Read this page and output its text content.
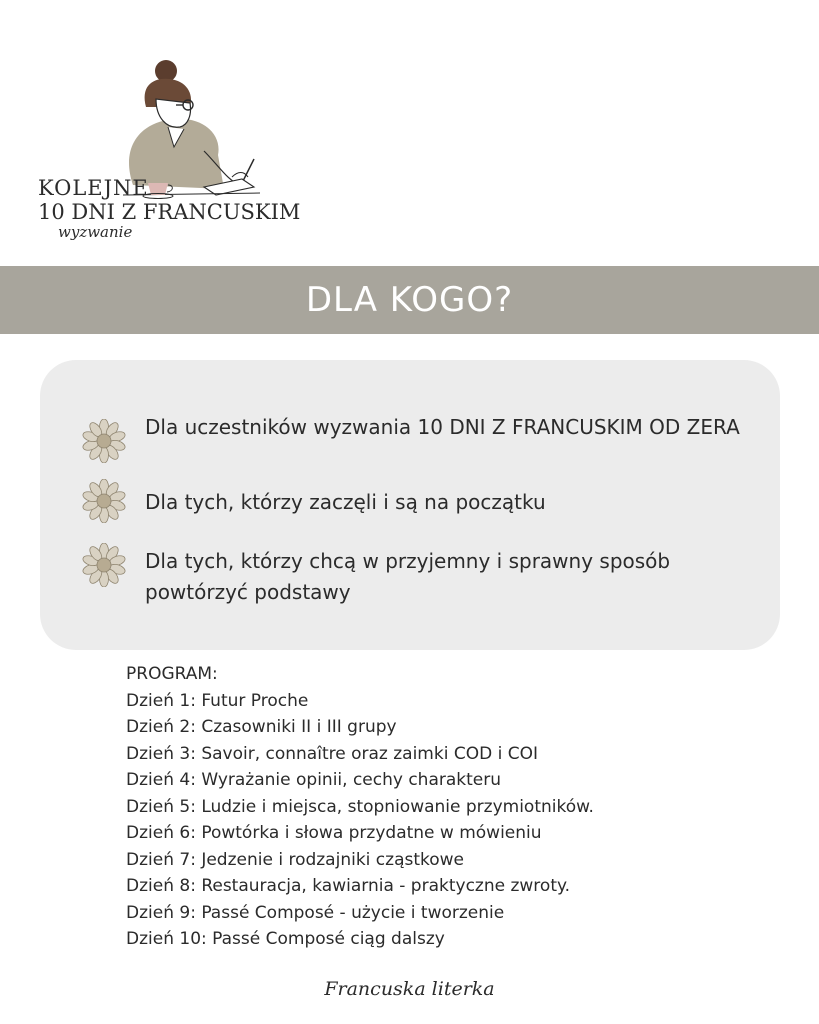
KOLEJNE
10 DNI Z FRANCUSKIM
wyzwanie
DLA KOGO?
Dla uczestników wyzwania 10 DNI Z FRANCUSKIM OD ZERA
Dla tych, którzy zaczęli i są na początku
Dla tych, którzy chcą w przyjemny i sprawny sposób powtórzyć podstawy
PROGRAM:
Dzień 1: Futur Proche
Dzień 2: Czasowniki II i III grupy
Dzień 3: Savoir, connaître oraz zaimki COD i COI
Dzień 4: Wyrażanie opinii, cechy charakteru
Dzień 5: Ludzie i miejsca, stopniowanie przymiotników.
Dzień 6: Powtórka i słowa przydatne w mówieniu
Dzień 7: Jedzenie i rodzajniki cząstkowe
Dzień 8: Restauracja, kawiarnia - praktyczne zwroty.
Dzień 9: Passé Composé - użycie i tworzenie
Dzień 10: Passé Composé ciąg dalszy
Francuska literka
